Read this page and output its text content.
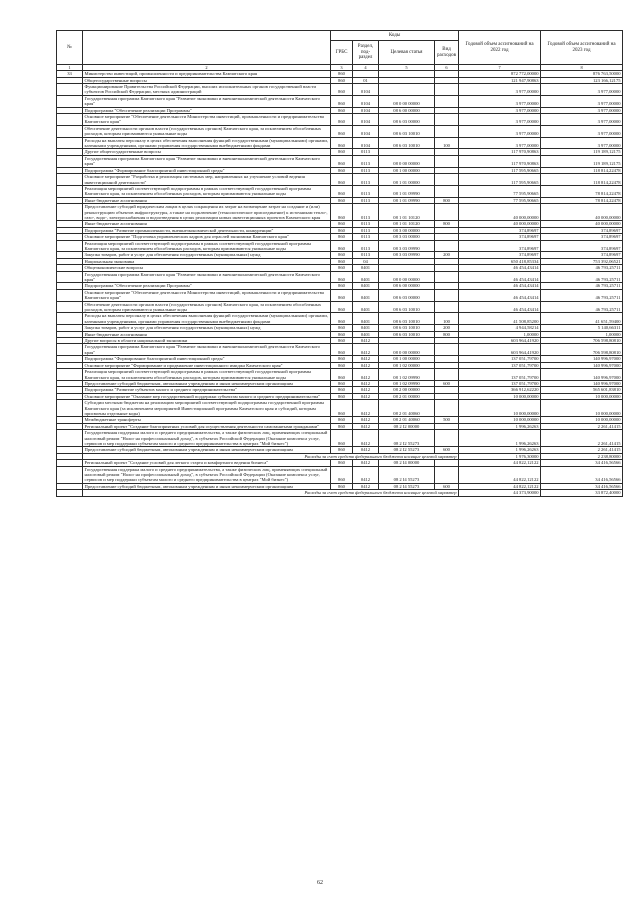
№		Коды				Годовой объем ассигнований на 2022 год	Годовой объем ассигнований на 2023 год
		ГРБС	Раздел, под-раздел	Целевая статья	Вид расходов		
1	2	3	4	5	6	7	8
33	Министерство инвестиций, промышленности и предпринимательства Камчатского края	860				872 772,00000	876 763,50000
	Общегосударственные вопросы	860	01			121 947,90863	123 166,12175
	Функционирование Правительства Российской Федерации, высших исполнительных органов государственной власти субъектов Российской Федерации, местных администраций	860	0104			3 977,00000	3 977,00000
	Государственная программа Камчатского края "Развитие экономики и внешнеэкономической деятельности Камчатского края"	860	0104	08 0 00 00000		3 977,00000	3 977,00000
	Подпрограмма "Обеспечение реализации Программы"	860	0104	08 6 00 00000		3 977,00000	3 977,00000
	Основное мероприятие "Обеспечение деятельности Министерства инвестиций, промышленности и предпринимательства Камчатского края"	860	0104	08 6 03 00000		3 977,00000	3 977,00000
	Обеспечение деятельности органов власти (государственных органов) Камчатского края, за исключением обособленных расходов, которым присваиваются уникальные коды	860	0104	08 6 03 10010		3 977,00000	3 977,00000
	Расходы на выплаты персоналу в целях обеспечения выполнения функций государственными (муниципальными) органами, казенными учреждениями, органами управления государственными внебюджетными фондами	860	0104	08 6 03 10010	100	3 977,00000	3 977,00000
	Другие общегосударственные вопросы	860	0113			117 970,90863	119 189,12175
	Государственная программа Камчатского края "Развитие экономики и внешнеэкономической деятельности Камчатского края"	860	0113	08 0 00 00000		117 970,90863	119 189,12175
	Подпрограмма "Формирование благоприятной инвестиционной среды"	860	0113	08 1 00 00000		117 595,90665	118 814,22478
	Основное мероприятие "Разработка и реализация системных мер, направленных на улучшение условий ведения инвестиционной деятельности"	860	0113	08 1 01 00000		117 595,90665	118 814,22478
	Реализация мероприятий соответствующей подпрограммы в рамках соответствующей государственной программы Камчатского края, за исключением обособленных расходов, которым присваиваются уникальные коды	860	0113	08 1 01 09990		77 595,90665	78 814,22478
	Иные бюджетные ассигнования	860	0113	08 1 01 09990	800	77 595,90665	78 814,22478
	Предоставление субсидий юридическим лицам в целях сокращения их затрат на возмещение затрат на создание и (или) реконструкцию объектов инфраструктуры, а также на подключение (технологическое присоединение) к источникам тепло-, газо-, водо-, электроснабжения и водоотведения в целях реализации новых инвестиционных проектов Камчатского края	860	0113	08 1 01 10120		40 000,00000	40 000,00000
	Иные бюджетные ассигнования	860	0113	08 1 01 10120	800	40 000,00000	40 000,00000
	Подпрограмма "Развитие промышленности, внешнеэкономической деятельности, конкуренции"	860	0113	08 3 00 00000		374,89697	374,89697
	Основное мероприятие "Подготовка управленческих кадров для отраслей экономики Камчатского края"	860	0113	08 3 03 00000		374,89697	374,89697
	Реализация мероприятий соответствующей подпрограммы в рамках соответствующей государственной программы Камчатского края, за исключением обособленных расходов, которым присваиваются уникальные коды	860	0113	08 3 03 09990		374,89697	374,89697
	Закупка товаров, работ и услуг для обеспечения государственных (муниципальных) нужд	860	0113	08 3 03 09990	200	374,89697	374,89697
	Национальная экономика	860	04			650 418,85334	753 392,06521
	Общеэкономические вопросы	860	0401			46 454,43414	46 793,25711
	Государственная программа Камчатского края "Развитие экономики и внешнеэкономической деятельности Камчатского края"	860	0401	08 0 00 00000		46 454,43414	46 793,25711
	Подпрограмма "Обеспечение реализации Программы"	860	0401	08 6 00 00000		46 454,43414	46 793,25711
	Основное мероприятие "Обеспечение деятельности Министерства инвестиций, промышленности и предпринимательства Камчатского края"	860	0401	08 6 03 00000		46 454,43414	46 793,25711
	Обеспечение деятельности органов власти (государственных органов) Камчатского края, за исключением обособленных расходов, которым присваиваются уникальные коды	860	0401	08 6 03 10010		46 454,43414	46 793,25711
	Расходы на выплаты персоналу в целях обеспечения выполнения функций государственными (муниципальными) органами, казенными учреждениями, органами управления государственными внебюджетными фондами	860	0401	08 6 03 10010	100	41 508,85200	41 651,59400
	Закупка товаров, работ и услуг для обеспечения государственных (муниципальных) нужд	860	0401	08 6 03 10010	200	4 944,58214	5 140,66311
	Иные бюджетные ассигнования	860	0401	08 6 03 10010	800	1,00000	1,00000
	Другие вопросы в области национальной экономики	860	0412			603 964,41920	706 598,80810
	Государственная программа Камчатского края "Развитие экономики и внешнеэкономической деятельности Камчатского края"	860	0412	08 0 00 00000		603 964,41920	706 598,80810
	Подпрограмма "Формирование благоприятной инвестиционной среды"	860	0412	08 1 00 00000		137 051,79700	140 996,97000
	Основное мероприятие "Формирование и продвижение инвестиционного имиджа Камчатского края"	860	0412	08 1 02 00000		137 051,79700	140 996,97000
	Реализация мероприятий соответствующей подпрограммы в рамках соответствующей государственной программы Камчатского края, за исключением обособленных расходов, которым присваиваются уникальные коды	860	0412	08 1 02 09990		137 051,79700	140 996,97000
	Предоставление субсидий бюджетным, автономным учреждениям и иным некоммерческим организациям	860	0412	08 1 02 09990	600	137 051,79700	140 996,97000
	Подпрограмма "Развитие субъектов малого и среднего предпринимательства"	860	0412	08 2 00 00000		366 912,62220	565 601,83810
	Основное мероприятие "Оказание мер государственной поддержки субъектам малого и среднего предпринимательства"	860	0412	08 2 01 00000		10 000,00000	10 000,00000
	Субсидии местным бюджетам на реализацию мероприятий соответствующей подпрограммы государственной программы Камчатского края (за исключением мероприятий Инвестиционной программы Камчатского края и субсидий, которым присвоены отдельные коды)	860	0412	08 2 01 40060		10 000,00000	10 000,00000
	Межбюджетные трансферты	860	0412	08 2 01 40060	500	10 000,00000	10 000,00000
	Региональный проект "Создание благоприятных условий для осуществления деятельности самозанятыми гражданами"	860	0412	08 2 I2 00000		1 996,26263	2 261,41415
	Государственная поддержка малого и среднего предпринимательства, а также физических лиц, применяющих специальный налоговый режим "Налог на профессиональный доход", в субъектах Российской Федерации (Оказание комплекса услуг, сервисов и мер поддержки субъектам малого и среднего предпринимательства в центрах "Мой бизнес")	860	0412	08 2 I2 55273		1 996,26263	2 261,41415
	Предоставление субсидий бюджетным, автономным учреждениям и иным некоммерческим организациям	860	0412	08 2 I2 55273	600	1 996,26263	2 261,41415
	Расходы за счет средств федерального бюджета носящие целевой характер					1 976,30000	2 238,80000
	Региональный проект "Создание условий для легкого старта и комфортного ведения бизнеса"	860	0412	08 2 I4 00000		44 822,12122	34 416,56566
	Государственная поддержка малого и среднего предпринимательства, а также физических лиц, применяющих специальный налоговый режим "Налог на профессиональный доход", в субъектах Российской Федерации (Оказание комплекса услуг, сервисов и мер поддержки субъектам малого и среднего предпринимательства в центрах "Мой бизнес")	860	0412	08 2 I4 55273		44 822,12122	34 416,56566
	Предоставление субсидий бюджетным, автономным учреждениям и иным некоммерческим организациям	860	0412	08 2 I4 55273	600	44 822,12122	34 416,56566
	Расходы за счет средств федерального бюджета носящие целевой характер					44 373,90000	33 872,40000
62
